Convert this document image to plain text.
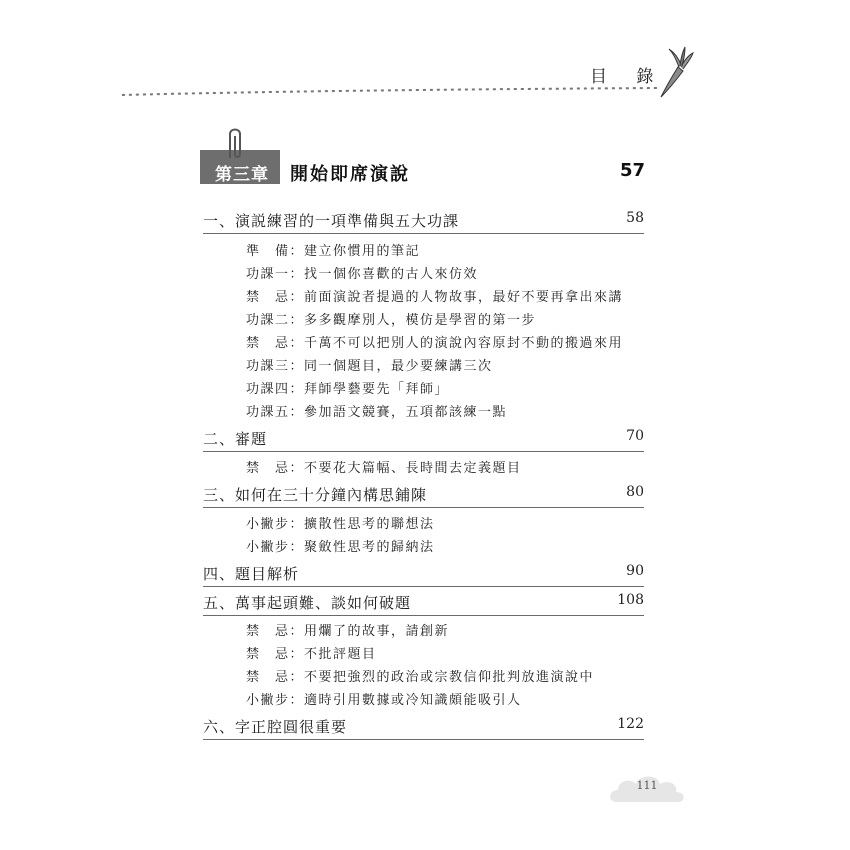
目 錄
第三章 開始即席演說	57
一、演説練習的一項準備與五大功課	58
準　備：建立你慣用的筆記
功課一：找一個你喜歡的古人來仿效
禁　忌：前面演說者提過的人物故事，最好不要再拿出來講
功課二：多多觀摩別人，模仿是學習的第一步
禁　忌：千萬不可以把別人的演說內容原封不動的搬過來用
功課三：同一個題目，最少要練講三次
功課四：拜師學藝要先「拜師」
功課五：參加語文競賽，五項都該練一點
二、審題	70
禁　忌：不要花大篇幅、長時間去定義題目
三、如何在三十分鐘內構思鋪陳	80
小撇步：擴散性思考的聯想法
小撇步：聚斂性思考的歸納法
四、題目解析	90
五、萬事起頭難、談如何破題	108
禁　忌：用爛了的故事，請創新
禁　忌：不批評題目
禁　忌：不要把強烈的政治或宗教信仰批判放進演說中
小撇步：適時引用數據或冷知識頗能吸引人
六、字正腔圓很重要	122
111
